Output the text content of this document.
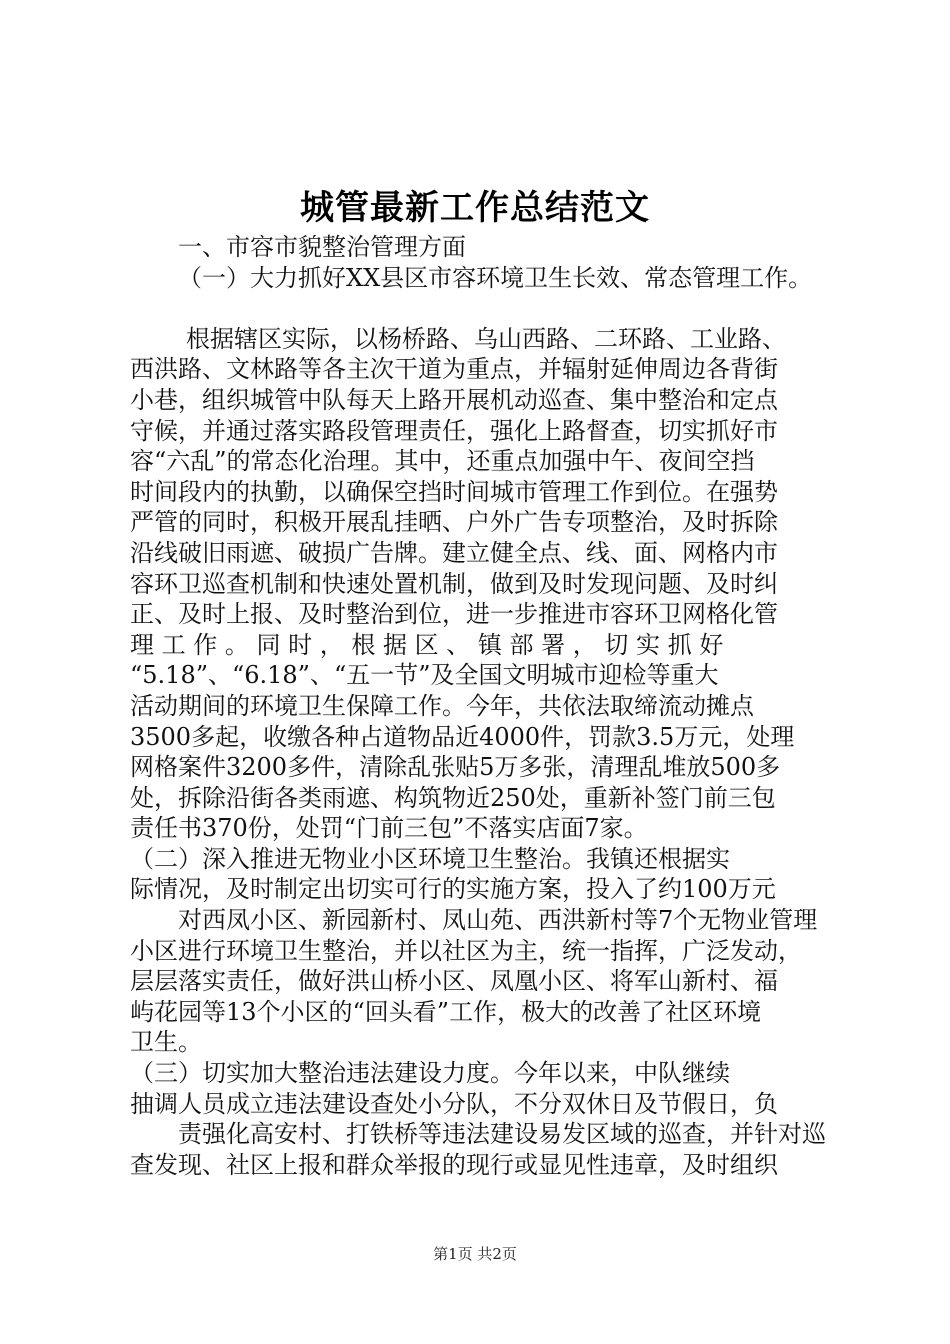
城管最新工作总结范文
一、市容市貌整治管理方面
（一）大力抓好XX县区市容环境卫生长效、常态管理工作。
根据辖区实际，以杨桥路、乌山西路、二环路、工业路、
西洪路、文林路等各主次干道为重点，并辐射延伸周边各背街
小巷，组织城管中队每天上路开展机动巡查、集中整治和定点
守候，并通过落实路段管理责任，强化上路督查，切实抓好市
容“六乱”的常态化治理。其中，还重点加强中午、夜间空挡
时间段内的执勤，以确保空挡时间城市管理工作到位。在强势
严管的同时，积极开展乱挂晒、户外广告专项整治，及时拆除
沿线破旧雨遮、破损广告牌。建立健全点、线、面、网格内市
容环卫巡查机制和快速处置机制，做到及时发现问题、及时纠
正、及时上报、及时整治到位，进一步推进市容环卫网格化管
理 工 作 。 同 时 ， 根 据 区 、 镇 部 署 ， 切 实 抓 好
“5.18”、“6.18”、“五一节”及全国文明城市迎检等重大
活动期间的环境卫生保障工作。今年，共依法取缔流动摊点
3500多起，收缴各种占道物品近4000件，罚款3.5万元，处理
网格案件3200多件，清除乱张贴5万多张，清理乱堆放500多
处，拆除沿街各类雨遮、构筑物近250处，重新补签门前三包
责任书370份，处罚“门前三包”不落实店面7家。
（二）深入推进无物业小区环境卫生整治。我镇还根据实
际情况，及时制定出切实可行的实施方案，投入了约100万元
对西凤小区、新园新村、凤山苑、西洪新村等7个无物业管理
小区进行环境卫生整治，并以社区为主，统一指挥，广泛发动，
层层落实责任，做好洪山桥小区、凤凰小区、将军山新村、福
屿花园等13个小区的“回头看”工作，极大的改善了社区环境
卫生。
（三）切实加大整治违法建设力度。今年以来，中队继续
抽调人员成立违法建设查处小分队，不分双休日及节假日，负
责强化高安村、打铁桥等违法建设易发区域的巡查，并针对巡
查发现、社区上报和群众举报的现行或显见性违章，及时组织
第1页 共2页
